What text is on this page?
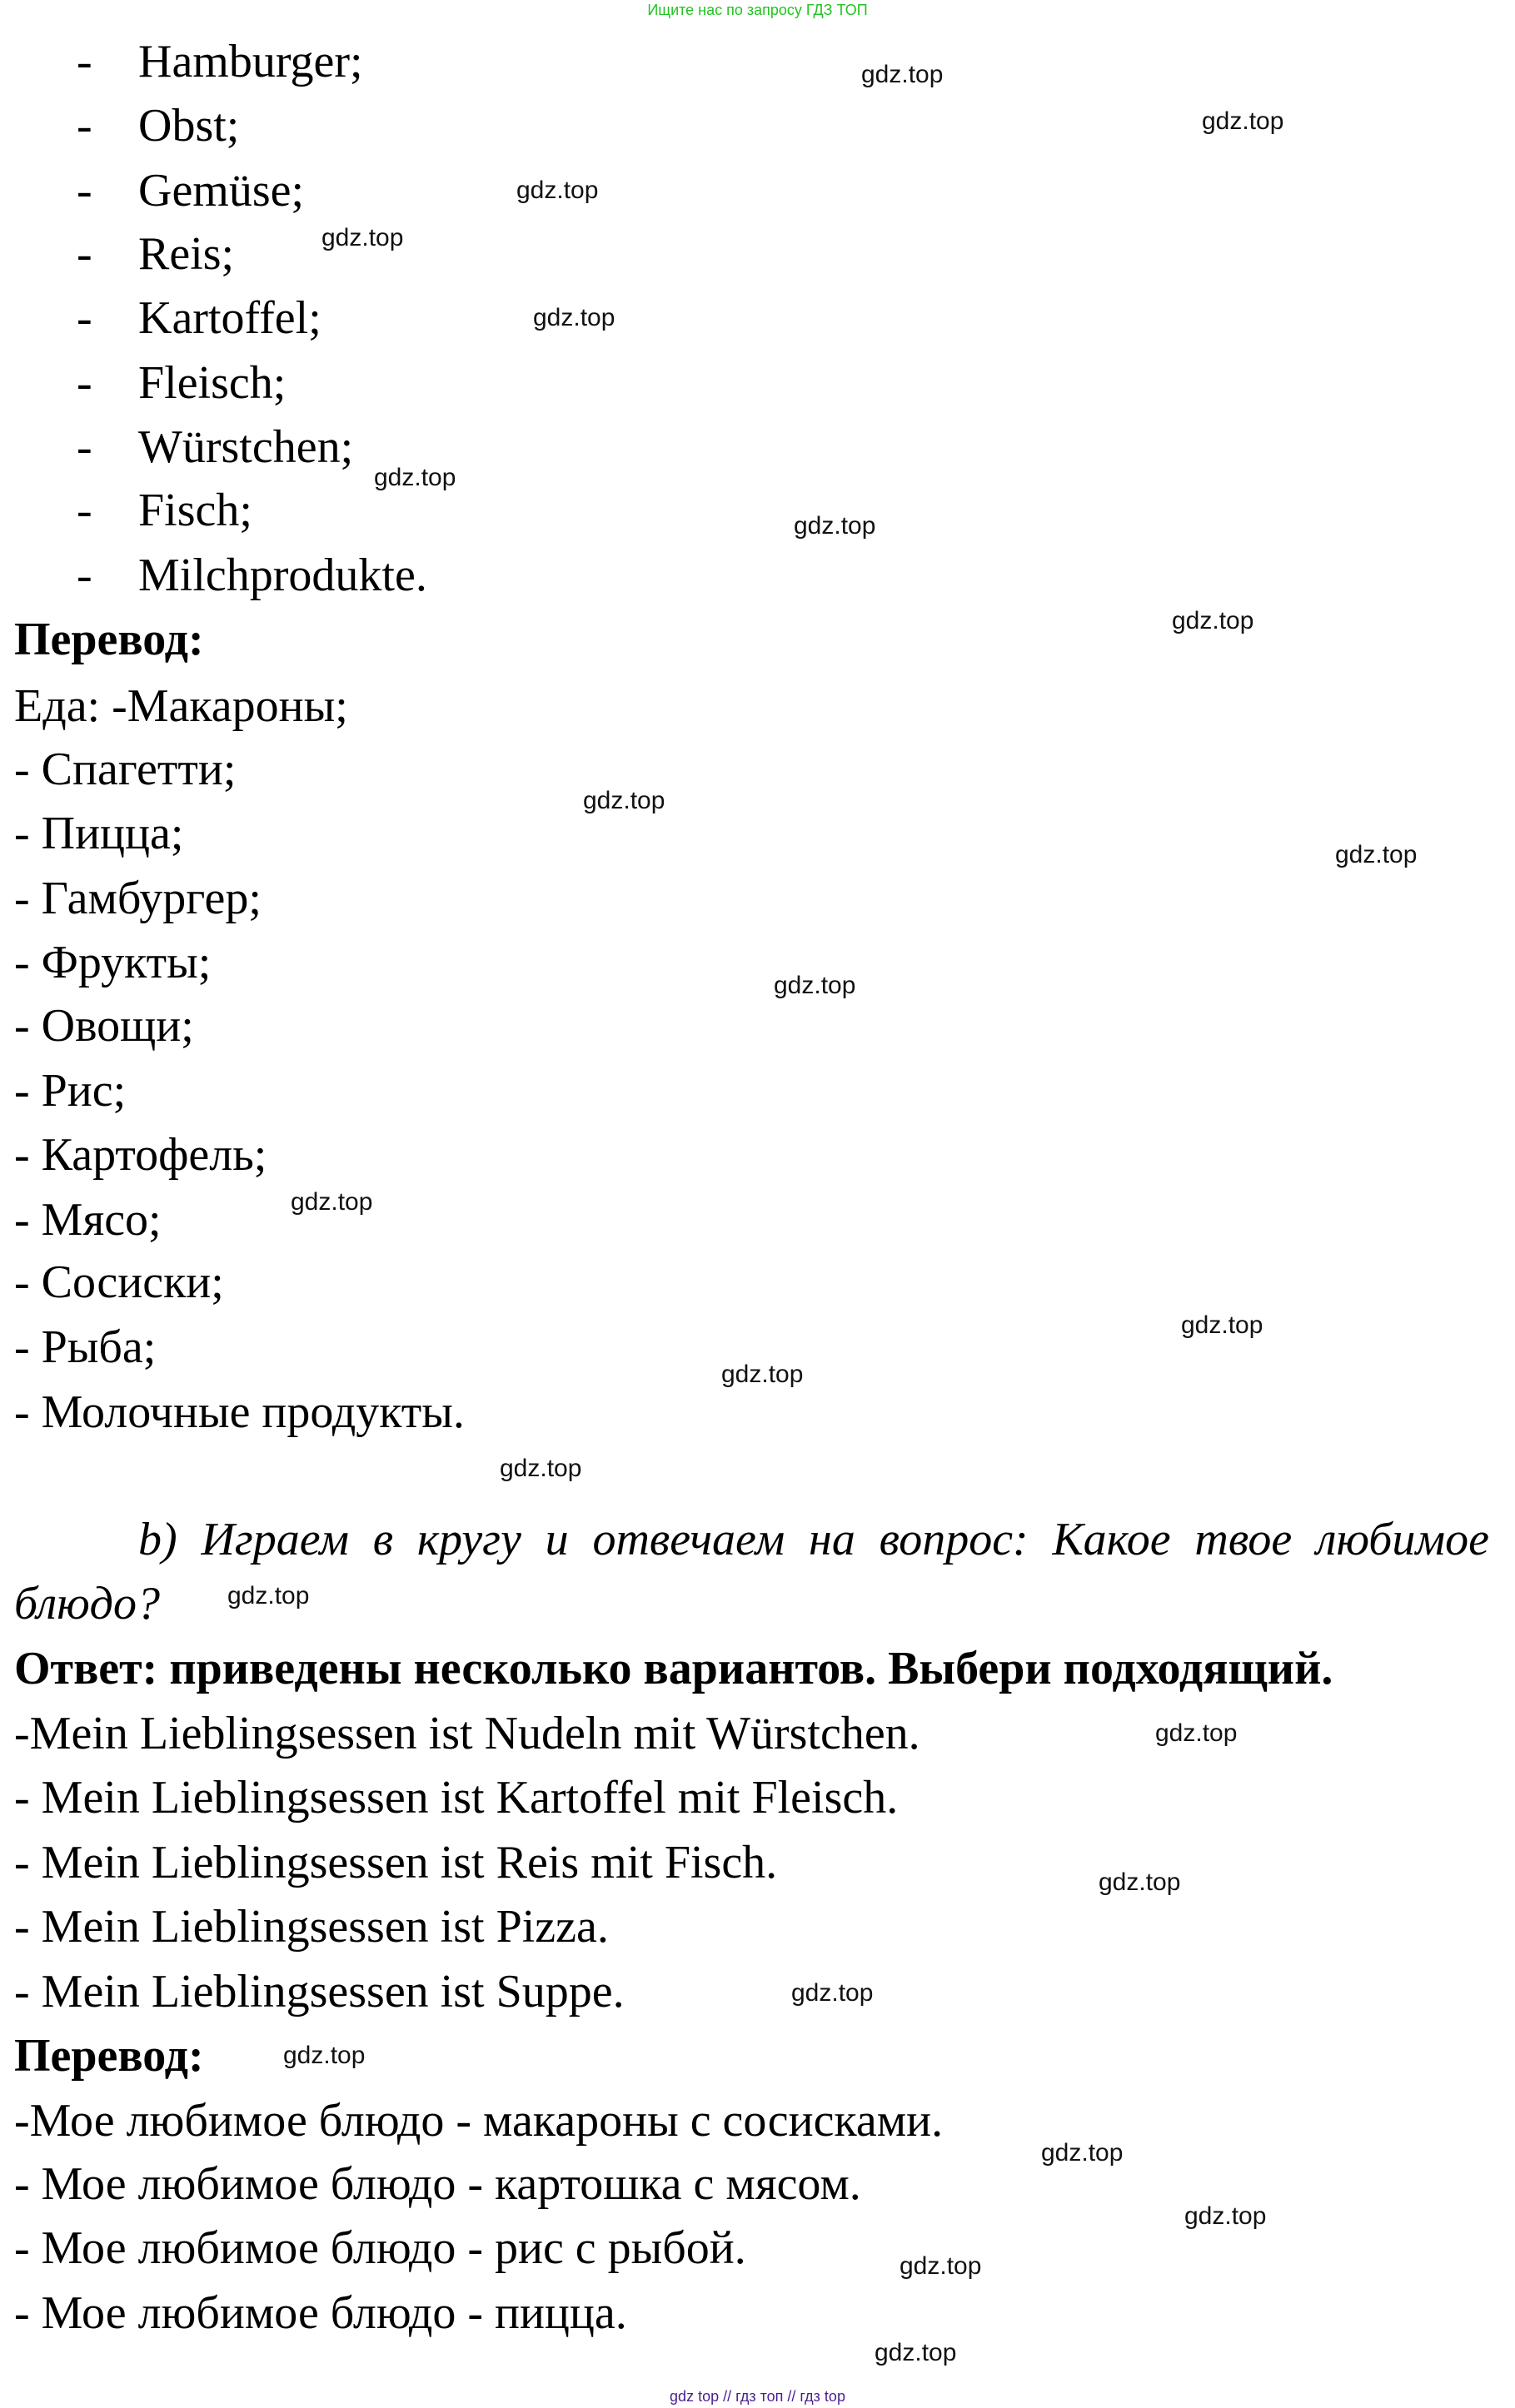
Ищите нас по запросу ГДЗ ТОП
- Hamburger;
- Obst;
- Gemüse;
- Reis;
- Kartoffel;
- Fleisch;
- Würstchen;
- Fisch;
- Milchprodukte.
Перевод:
Еда: -Макароны;
- Спагетти;
- Пицца;
- Гамбургер;
- Фрукты;
- Овощи;
- Рис;
- Картофель;
- Мясо;
- Сосиски;
- Рыба;
- Молочные продукты.
b) Играем в кругу и отвечаем на вопрос: Какое твое любимое
блюдо?
Ответ: приведены несколько вариантов. Выбери подходящий.
-Mein Lieblingsessen ist Nudeln mit Würstchen.
- Mein Lieblingsessen ist Kartoffel mit Fleisch.
- Mein Lieblingsessen ist Reis mit Fisch.
- Mein Lieblingsessen ist Pizza.
- Mein Lieblingsessen ist Suppe.
Перевод:
-Мое любимое блюдо - макароны с сосисками.
- Мое любимое блюдо - картошка с мясом.
- Мое любимое блюдо - рис с рыбой.
- Мое любимое блюдо - пицца.
gdz.top
gdz.top
gdz.top
gdz.top
gdz.top
gdz.top
gdz.top
gdz.top
gdz.top
gdz.top
gdz.top
gdz.top
gdz.top
gdz.top
gdz.top
gdz.top
gdz.top
gdz.top
gdz.top
gdz.top
gdz.top
gdz.top
gdz.top
gdz.top
gdz top // гдз топ // гдз top
